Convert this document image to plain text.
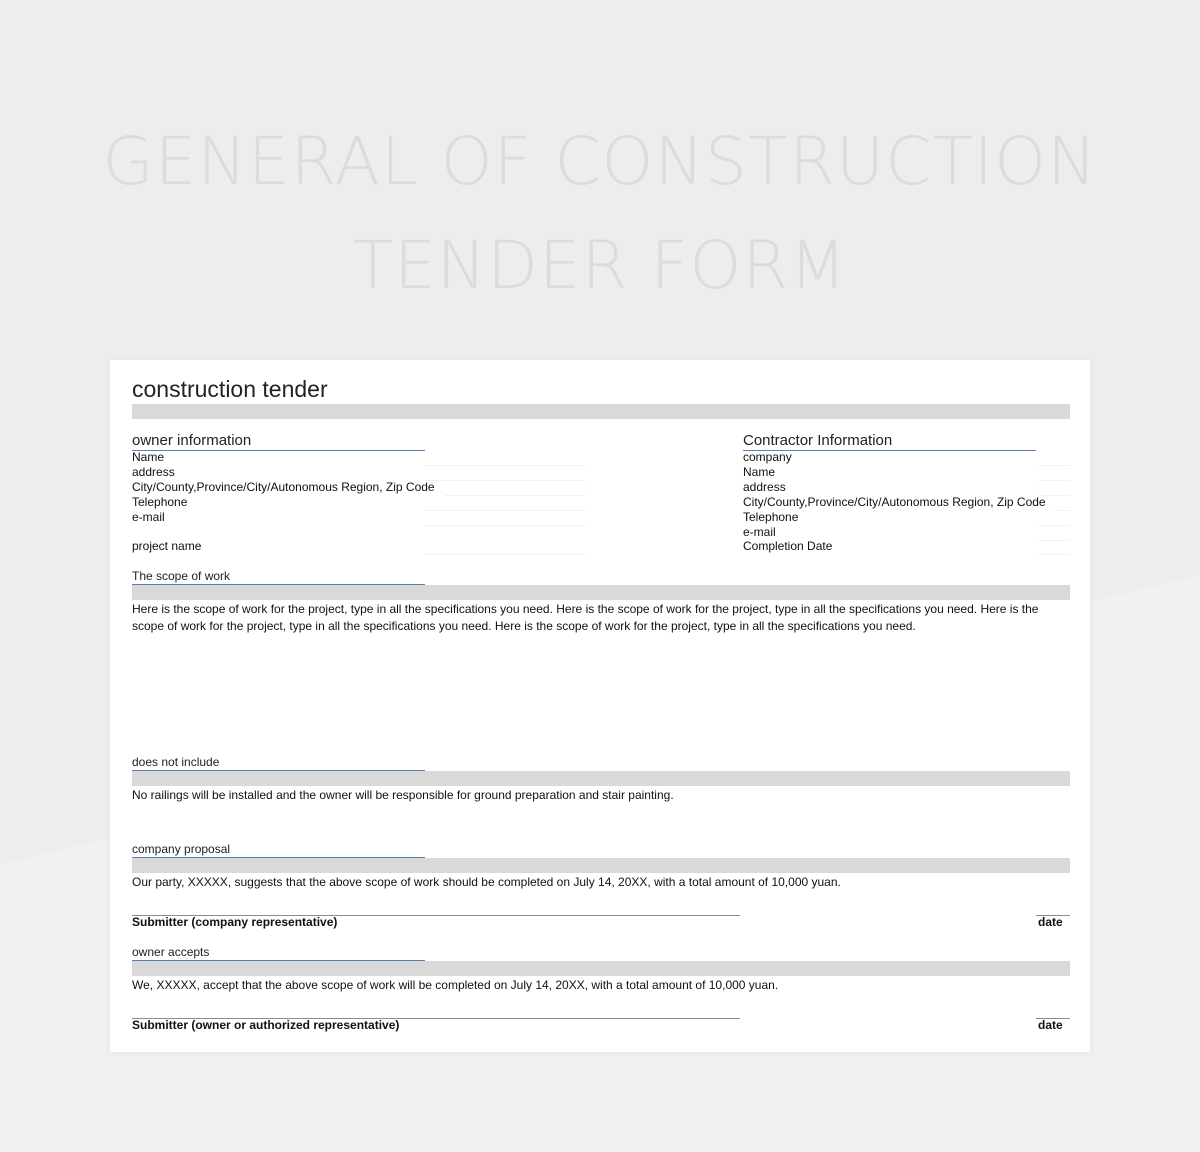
GENERAL OF CONSTRUCTION
TENDER FORM
construction tender
owner information
Name
address
City/County,Province/City/Autonomous Region, Zip Code
Telephone
e-mail
project name
Contractor Information
company
Name
address
City/County,Province/City/Autonomous Region, Zip Code
Telephone
e-mail
Completion Date
The scope of work
Here is the scope of work for the project, type in all the specifications you need. Here is the scope of work for the project, type in all the specifications you need. Here is the scope of work for the project, type in all the specifications you need. Here is the scope of work for the project, type in all the specifications you need.
does not include
No railings will be installed and the owner will be responsible for ground preparation and stair painting.
company proposal
Our party, XXXXX, suggests that the above scope of work should be completed on July 14, 20XX, with a total amount of 10,000 yuan.
Submitter (company representative)	date
owner accepts
We, XXXXX, accept that the above scope of work will be completed on July 14, 20XX, with a total amount of 10,000 yuan.
Submitter (owner or authorized representative)	date
